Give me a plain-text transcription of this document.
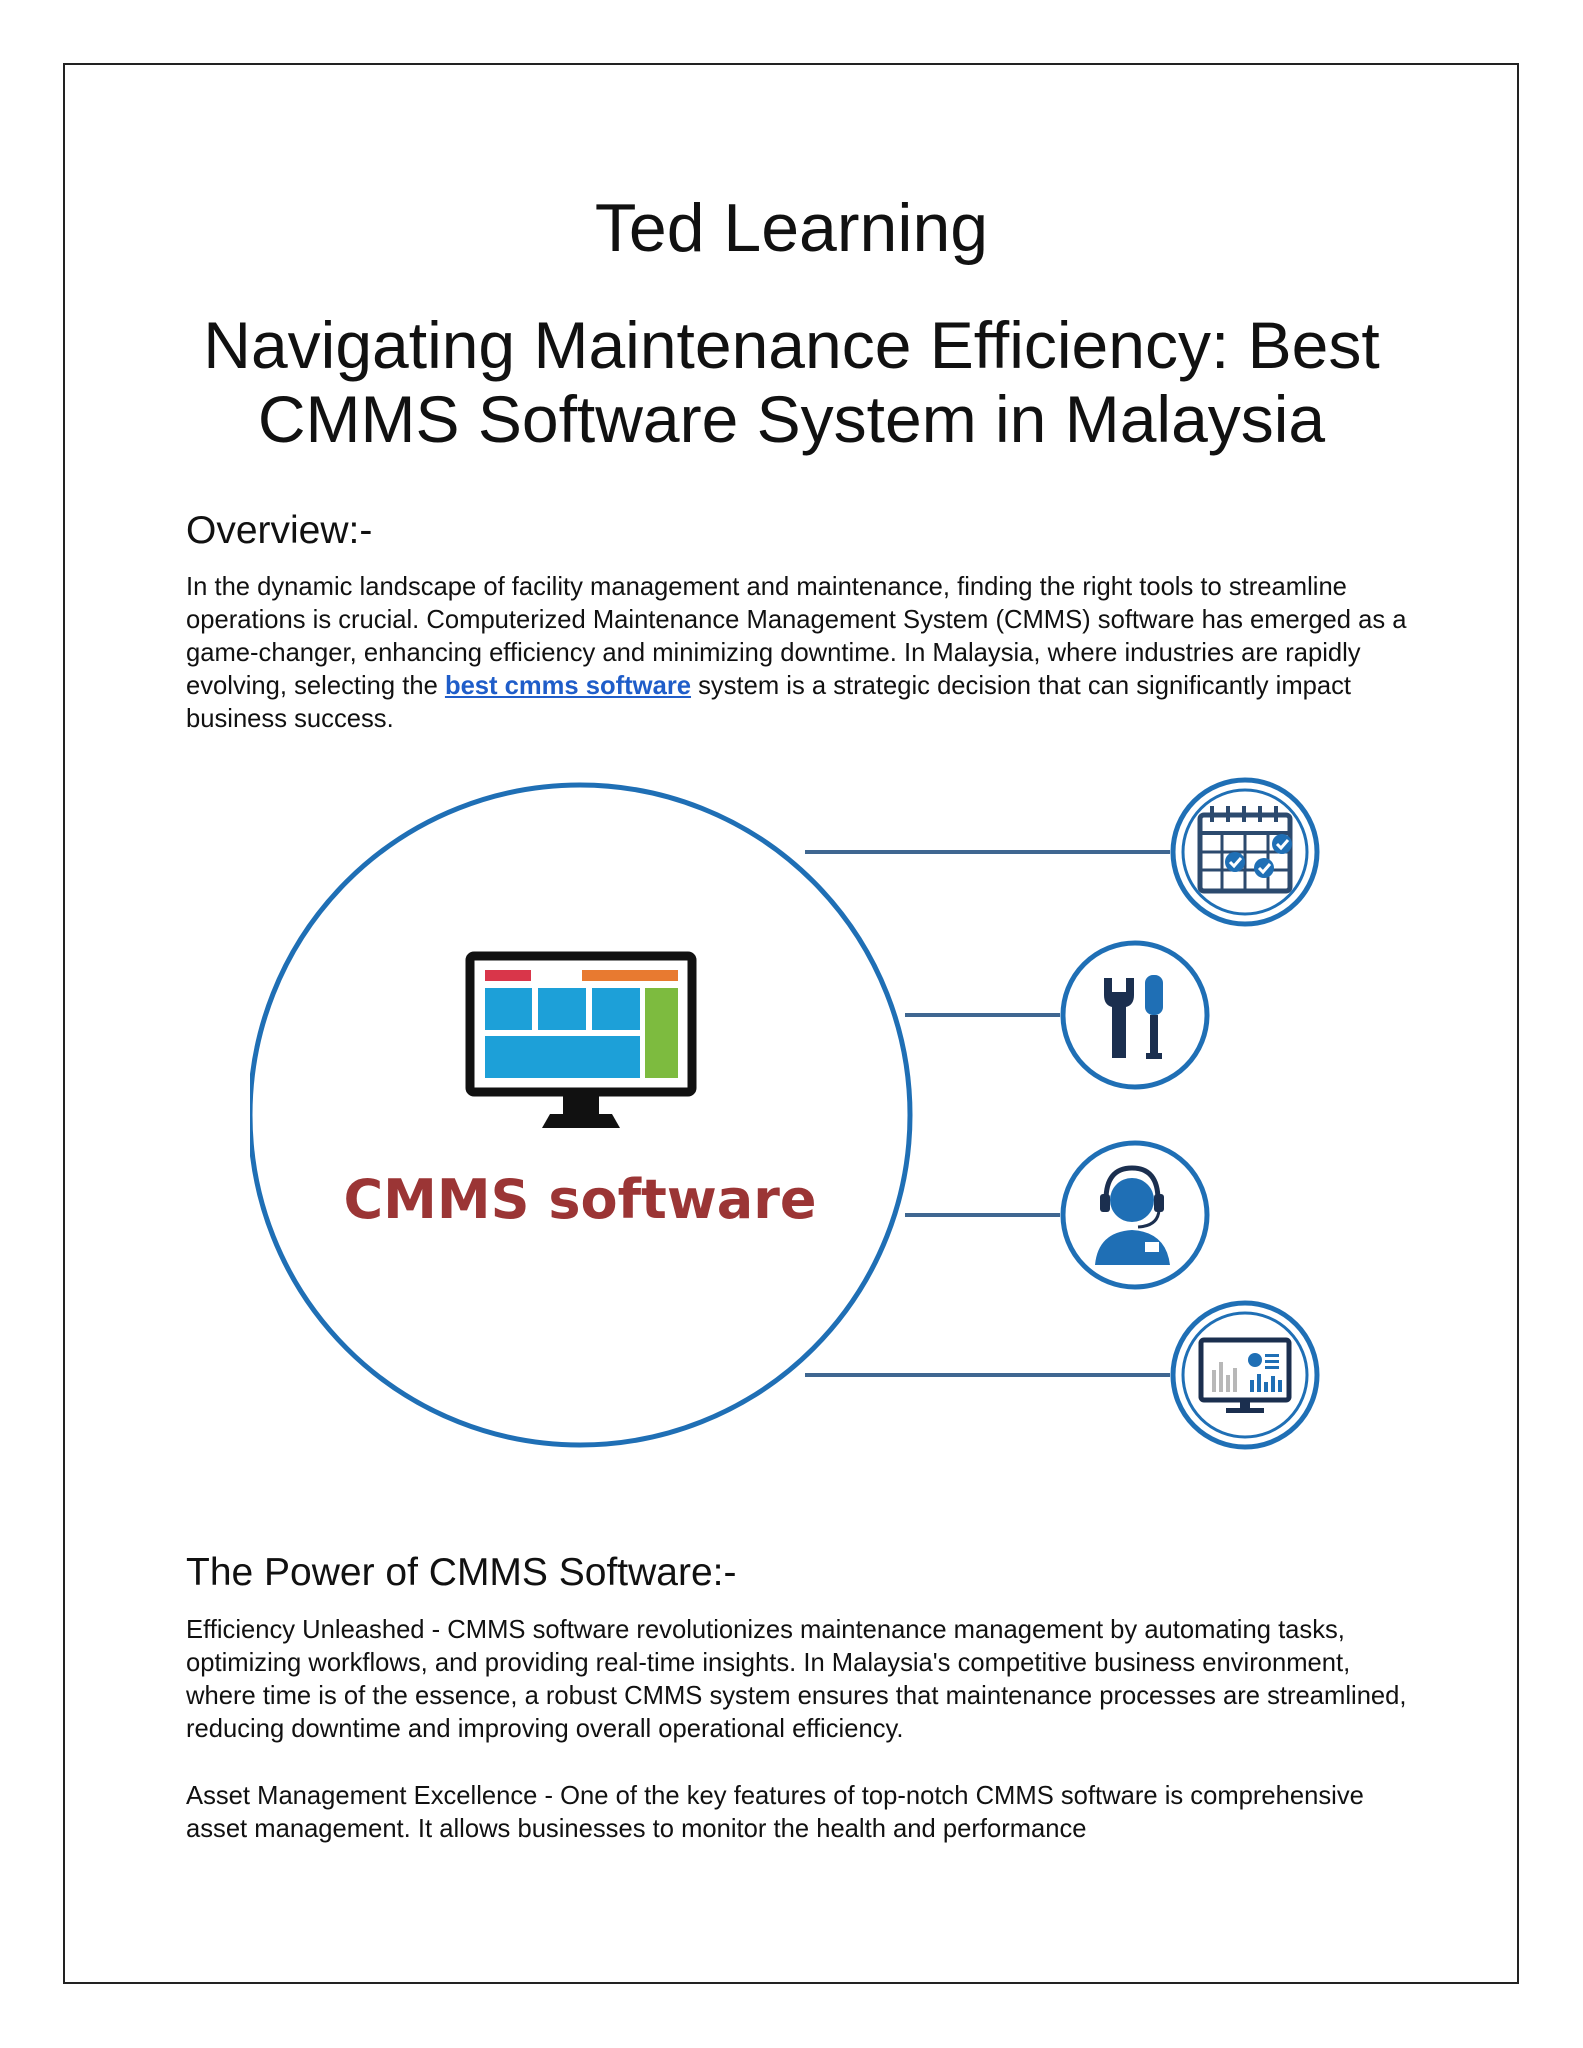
Ted Learning
Navigating Maintenance Efficiency: Best
CMMS Software System in Malaysia
Overview:-
In the dynamic landscape of facility management and maintenance, finding the right tools to streamline operations is crucial. Computerized Maintenance Management System (CMMS) software has emerged as a game-changer, enhancing efficiency and minimizing downtime. In Malaysia, where industries are rapidly evolving, selecting the best cmms software system is a strategic decision that can significantly impact business success.
CMMS software
The Power of CMMS Software:-
Efficiency Unleashed - CMMS software revolutionizes maintenance management by automating tasks, optimizing workflows, and providing real-time insights. In Malaysia's competitive business environment, where time is of the essence, a robust CMMS system ensures that maintenance processes are streamlined, reducing downtime and improving overall operational efficiency.
Asset Management Excellence - One of the key features of top-notch CMMS software is comprehensive asset management. It allows businesses to monitor the health and performance
